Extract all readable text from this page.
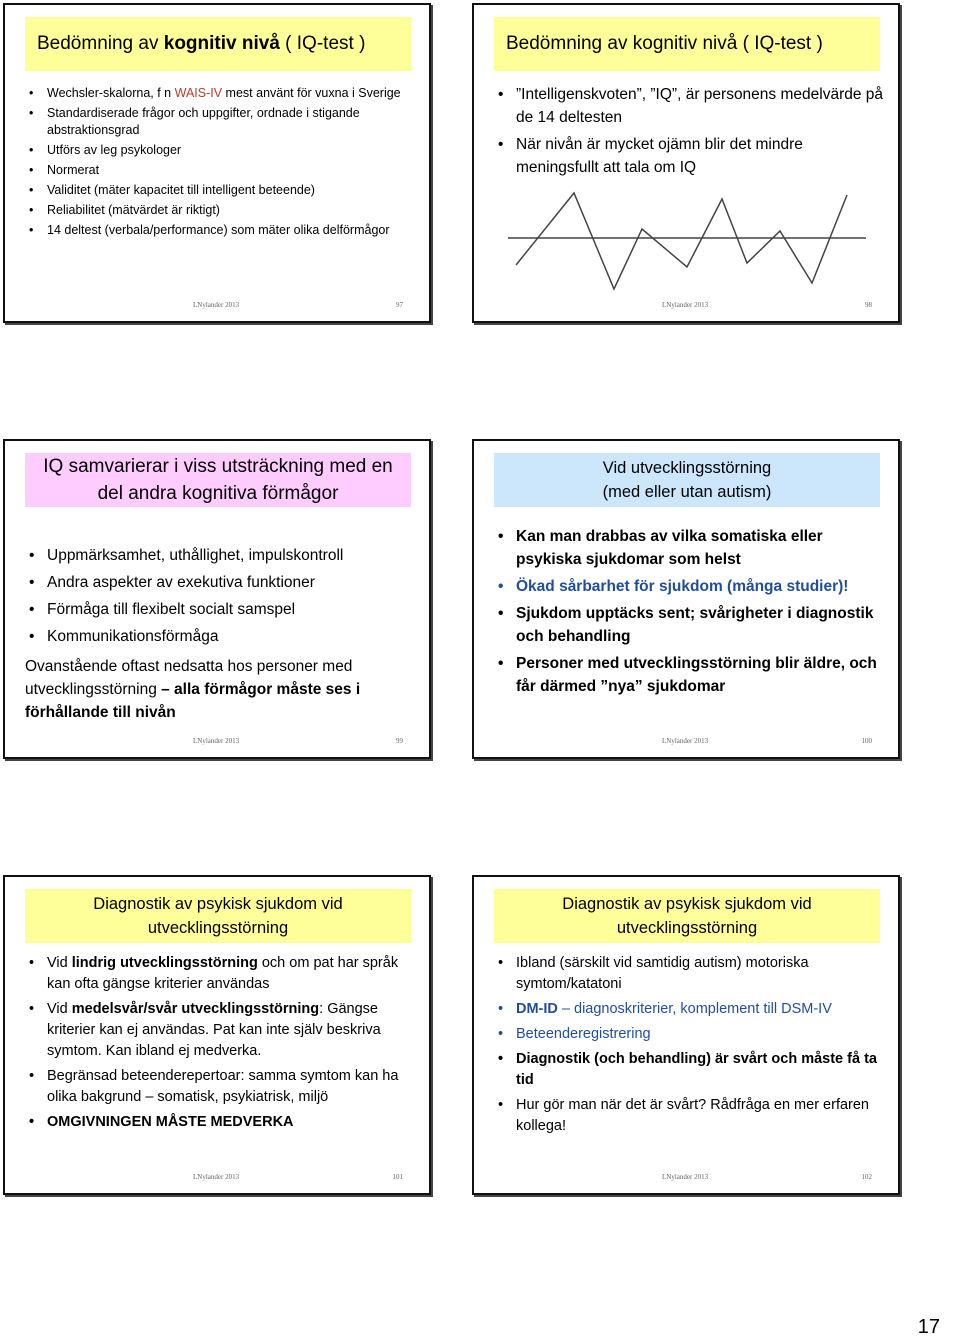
Bedömning av kognitiv nivå ( IQ-test )
• Wechsler-skalorna, f n WAIS-IV mest använt för vuxna i Sverige
• Standardiserade frågor och uppgifter, ordnade i stigande abstraktionsgrad
• Utförs av leg psykologer
• Normerat
• Validitet (mäter kapacitet till intelligent beteende)
• Reliabilitet (mätvärdet är riktigt)
• 14 deltest (verbala/performance) som mäter olika delförmågor
LNylander 2013	97
Bedömning av kognitiv nivå ( IQ-test )
• ”Intelligenskvoten”, ”IQ”, är personens medelvärde på de 14 deltesten
• När nivån är mycket ojämn blir det mindre meningsfullt att tala om IQ
LNylander 2013	98
IQ samvarierar i viss utsträckning med en del andra kognitiva förmågor
• Uppmärksamhet, uthållighet, impulskontroll
• Andra aspekter av exekutiva funktioner
• Förmåga till flexibelt socialt samspel
• Kommunikationsförmåga
Ovanstående oftast nedsatta hos personer med utvecklingsstörning – alla förmågor måste ses i förhållande till nivån
LNylander 2013	99
Vid utvecklingsstörning
(med eller utan autism)
• Kan man drabbas av vilka somatiska eller psykiska sjukdomar som helst
• Ökad sårbarhet för sjukdom (många studier)!
• Sjukdom upptäcks sent; svårigheter i diagnostik och behandling
• Personer med utvecklingsstörning blir äldre, och får därmed ”nya” sjukdomar
LNylander 2013	100
Diagnostik av psykisk sjukdom vid utvecklingsstörning
• Vid lindrig utvecklingsstörning och om pat har språk kan ofta gängse kriterier användas
• Vid medelsvår/svår utvecklingsstörning: Gängse kriterier kan ej användas. Pat kan inte själv beskriva symtom. Kan ibland ej medverka.
• Begränsad beteenderepertoar: samma symtom kan ha olika bakgrund – somatisk, psykiatrisk, miljö
• OMGIVNINGEN MÅSTE MEDVERKA
LNylander 2013	101
Diagnostik av psykisk sjukdom vid utvecklingsstörning
• Ibland (särskilt vid samtidig autism) motoriska symtom/katatoni
• DM-ID – diagnoskriterier, komplement till DSM-IV
• Beteenderegistrering
• Diagnostik (och behandling) är svårt och måste få ta tid
• Hur gör man när det är svårt? Rådfråga en mer erfaren kollega!
LNylander 2013	102
17
